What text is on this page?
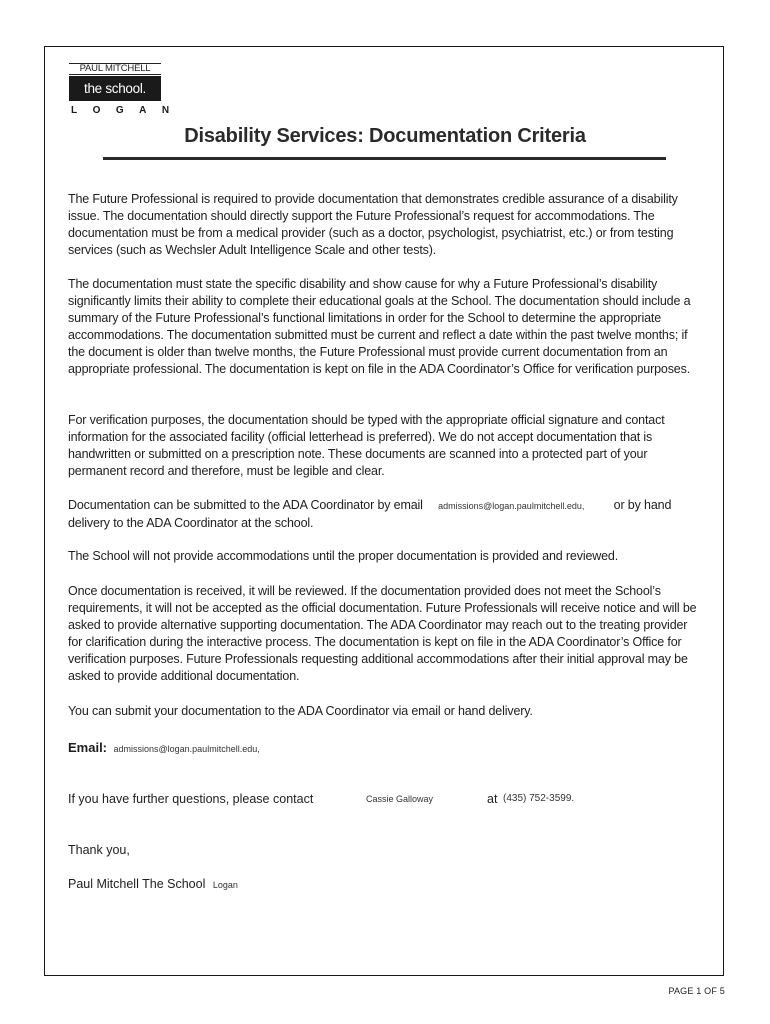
PAUL MITCHELL
the school.
LOGAN
Disability Services: Documentation Criteria

The Future Professional is required to provide documentation that demonstrates credible assurance of a disability issue. The documentation should directly support the Future Professional’s request for accommodations. The documentation must be from a medical provider (such as a doctor, psychologist, psychiatrist, etc.) or from testing services (such as Wechsler Adult Intelligence Scale and other tests).

The documentation must state the specific disability and show cause for why a Future Professional’s disability significantly limits their ability to complete their educational goals at the School. The documentation should include a summary of the Future Professional’s functional limitations in order for the School to determine the appropriate accommodations. The documentation submitted must be current and reflect a date within the past twelve months; if the document is older than twelve months, the Future Professional must provide current documentation from an appropriate professional. The documentation is kept on file in the ADA Coordinator’s Office for verification purposes.

For verification purposes, the documentation should be typed with the appropriate official signature and contact information for the associated facility (official letterhead is preferred). We do not accept documentation that is handwritten or submitted on a prescription note. These documents are scanned into a protected part of your permanent record and therefore, must be legible and clear.

Documentation can be submitted to the ADA Coordinator by email admissions@logan.paulmitchell.edu, or by hand delivery to the ADA Coordinator at the school.

The School will not provide accommodations until the proper documentation is provided and reviewed.

Once documentation is received, it will be reviewed. If the documentation provided does not meet the School’s requirements, it will not be accepted as the official documentation. Future Professionals will receive notice and will be asked to provide alternative supporting documentation. The ADA Coordinator may reach out to the treating provider for clarification during the interactive process. The documentation is kept on file in the ADA Coordinator’s Office for verification purposes. Future Professionals requesting additional accommodations after their initial approval may be asked to provide additional documentation.

You can submit your documentation to the ADA Coordinator via email or hand delivery.

Email: admissions@logan.paulmitchell.edu,
If you have further questions, please contact	Cassie Galloway	at (435) 752-3599.
Thank you,
Paul Mitchell The School Logan
PAGE 1 OF 5
